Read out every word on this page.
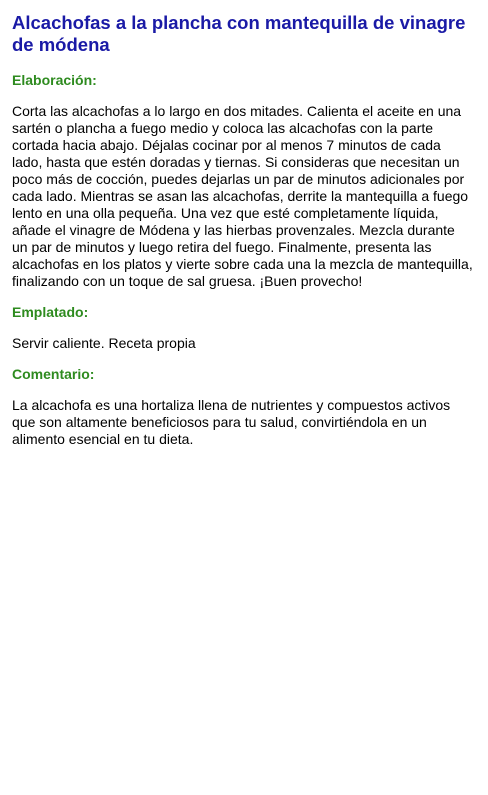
Alcachofas a la plancha con mantequilla de vinagre de módena
Elaboración:

Corta las alcachofas a lo largo en dos mitades. Calienta el aceite en una sartén o plancha a fuego medio y coloca las alcachofas con la parte cortada hacia abajo. Déjalas cocinar por al menos 7 minutos de cada lado, hasta que estén doradas y tiernas. Si consideras que necesitan un poco más de cocción, puedes dejarlas un par de minutos adicionales por cada lado. Mientras se asan las alcachofas, derrite la mantequilla a fuego lento en una olla pequeña. Una vez que esté completamente líquida, añade el vinagre de Módena y las hierbas provenzales. Mezcla durante un par de minutos y luego retira del fuego. Finalmente, presenta las alcachofas en los platos y vierte sobre cada una la mezcla de mantequilla, finalizando con un toque de sal gruesa. ¡Buen provecho!

Emplatado:

Servir caliente. Receta propia

Comentario:

La alcachofa es una hortaliza llena de nutrientes y compuestos activos que son altamente beneficiosos para tu salud, convirtiéndola en un alimento esencial en tu dieta.
